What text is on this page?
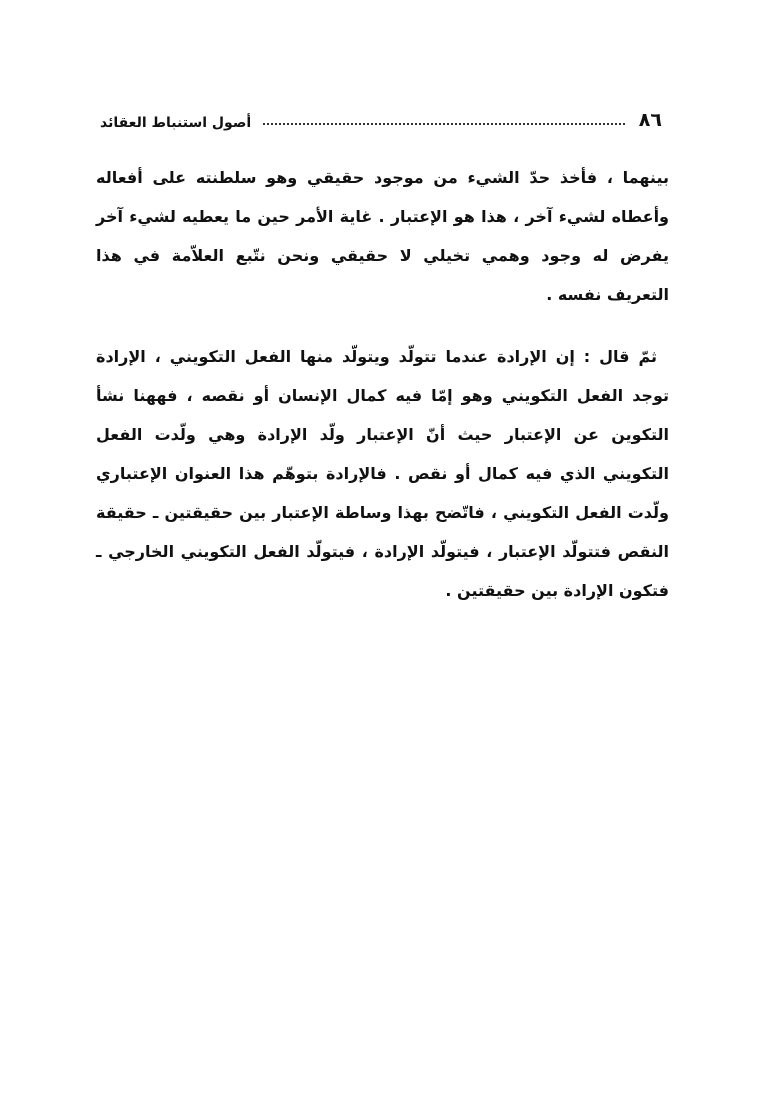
٨٦
أصول استنباط العقائد

بينهما ، فأخذ حدّ الشيء من موجود حقيقي وهو سلطنته على أفعاله وأعطاه لشيء آخر ، هذا هو الإعتبار . غاية الأمر حين ما يعطيه لشيء آخر يفرض له وجود وهمي تخيلي لا حقيقي ونحن نتّبع العلاّمة في هذا التعريف نفسه .

ثمّ قال : إن الإرادة عندما تتولّد ويتولّد منها الفعل التكويني ، الإرادة توجد الفعل التكويني وهو إمّا فيه كمال الإنسان أو نقصه ، فههنا نشأ التكوين عن الإعتبار حيث أنّ الإعتبار ولّد الإرادة وهي ولّدت الفعل التكويني الذي فيه كمال أو نقص . فالإرادة بتوهّم هذا العنوان الإعتباري ولّدت الفعل التكويني ، فاتّضح بهذا وساطة الإعتبار بين حقيقتين ـ حقيقة النقص فتتولّد الإعتبار ، فيتولّد الإرادة ، فيتولّد الفعل التكويني الخارجي ـ فتكون الإرادة بين حقيقتين .
